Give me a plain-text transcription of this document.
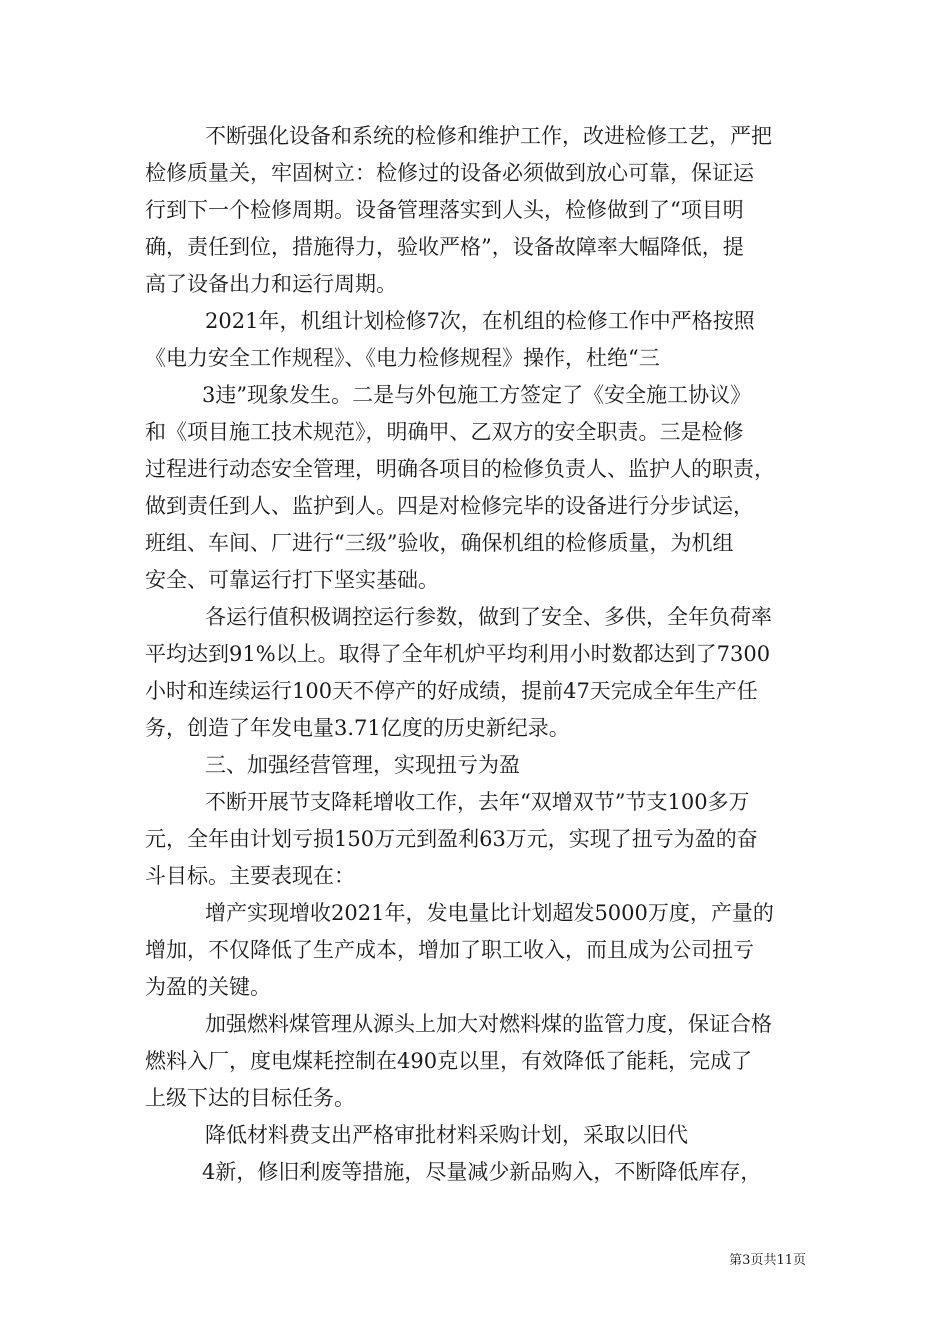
不断强化设备和系统的检修和维护工作，改进检修工艺，严把

检修质量关，牢固树立：检修过的设备必须做到放心可靠，保证运

行到下一个检修周期。设备管理落实到人头，检修做到了“项目明

确，责任到位，措施得力，验收严格”，设备故障率大幅降低，提

高了设备出力和运行周期。

2021年，机组计划检修7次，在机组的检修工作中严格按照

《电力安全工作规程》、《电力检修规程》操作，杜绝“三

3违”现象发生。二是与外包施工方签定了《安全施工协议》

和《项目施工技术规范》，明确甲、乙双方的安全职责。三是检修

过程进行动态安全管理，明确各项目的检修负责人、监护人的职责，

做到责任到人、监护到人。四是对检修完毕的设备进行分步试运，

班组、车间、厂进行“三级”验收，确保机组的检修质量，为机组

安全、可靠运行打下坚实基础。

各运行值积极调控运行参数，做到了安全、多供，全年负荷率

平均达到91%以上。取得了全年机炉平均利用小时数都达到了7300

小时和连续运行100天不停产的好成绩，提前47天完成全年生产任

务，创造了年发电量3.71亿度的历史新纪录。

三、加强经营管理，实现扭亏为盈

不断开展节支降耗增收工作，去年“双增双节”节支100多万

元，全年由计划亏损150万元到盈利63万元，实现了扭亏为盈的奋

斗目标。主要表现在：

增产实现增收2021年，发电量比计划超发5000万度，产量的

增加，不仅降低了生产成本，增加了职工收入，而且成为公司扭亏

为盈的关键。

加强燃料煤管理从源头上加大对燃料煤的监管力度，保证合格

燃料入厂，度电煤耗控制在490克以里，有效降低了能耗，完成了

上级下达的目标任务。

降低材料费支出严格审批材料采购计划，采取以旧代

4新，修旧利废等措施，尽量减少新品购入，不断降低库存，

第3页共11页
